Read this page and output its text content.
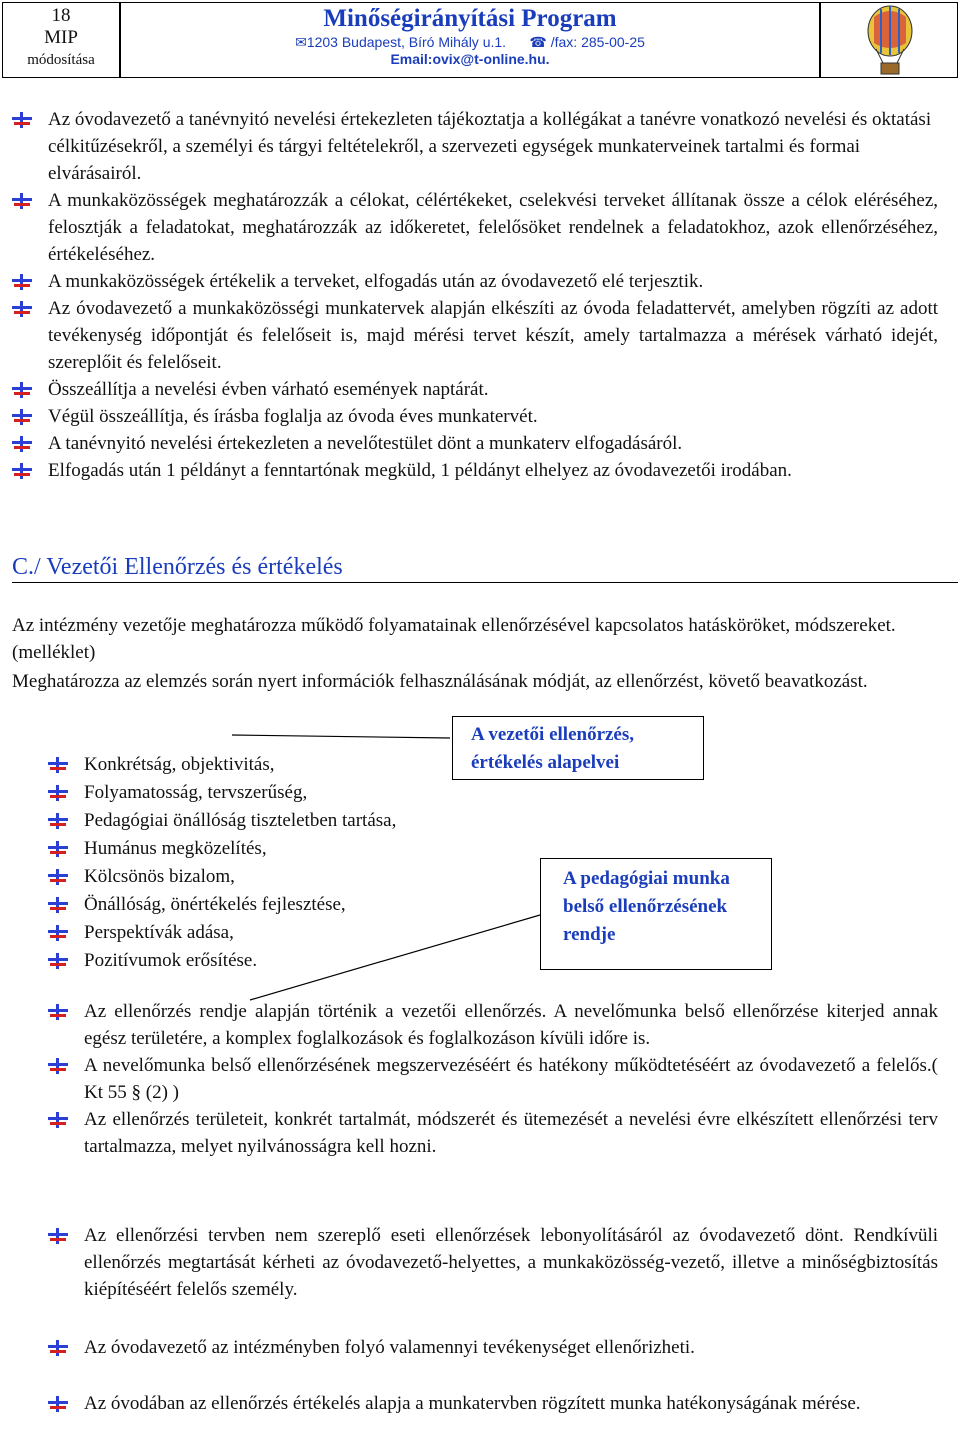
18
MIP
módosítása
Minőségirányítási Program
✉1203 Budapest, Bíró Mihály u.1. ☎ /fax: 285-00-25
Email:ovix@t-online.hu.
Az óvodavezető a tanévnyitó nevelési értekezleten tájékoztatja a kollégákat a tanévre vonatkozó nevelési és oktatási célkitűzésekről, a személyi és tárgyi feltételekről, a szervezeti egységek munkaterveinek tartalmi és formai elvárásairól.
A munkaközösségek meghatározzák a célokat, célértékeket, cselekvési terveket állítanak össze a célok eléréséhez, felosztják a feladatokat, meghatározzák az időkeretet, felelősöket rendelnek a feladatokhoz, azok ellenőrzéséhez, értékeléséhez.
A munkaközösségek értékelik a terveket, elfogadás után az óvodavezető elé terjesztik.
Az óvodavezető a munkaközösségi munkatervek alapján elkészíti az óvoda feladattervét, amelyben rögzíti az adott tevékenység időpontját és felelőseit is, majd mérési tervet készít, amely tartalmazza a mérések várható idejét, szereplőit és felelőseit.
Összeállítja a nevelési évben várható események naptárát.
Végül összeállítja, és írásba foglalja az óvoda éves munkatervét.
A tanévnyitó nevelési értekezleten a nevelőtestület dönt a munkaterv elfogadásáról.
Elfogadás után 1 példányt a fenntartónak megküld, 1 példányt elhelyez az óvodavezetői irodában.
C./ Vezetői Ellenőrzés és értékelés

Az intézmény vezetője meghatározza működő folyamatainak ellenőrzésével kapcsolatos hatásköröket, módszereket. (melléklet)

Meghatározza az elemzés során nyert információk felhasználásának módját, az ellenőrzést, követő beavatkozást.

A vezetői ellenőrzés,
értékelés alapelvei
A pedagógiai munka
belső ellenőrzésének
rendje
Konkrétság, objektivitás,
Folyamatosság, tervszerűség,
Pedagógiai önállóság tiszteletben tartása,
Humánus megközelítés,
Kölcsönös bizalom,
Önállóság, önértékelés fejlesztése,
Perspektívák adása,
Pozitívumok erősítése.
Az ellenőrzés rendje alapján történik a vezetői ellenőrzés. A nevelőmunka belső ellenőrzése kiterjed annak egész területére, a komplex foglalkozások és foglalkozáson kívüli időre is.
A nevelőmunka belső ellenőrzésének megszervezéséért és hatékony működtetéséért az óvodavezető a felelős.( Kt 55 § (2) )
Az ellenőrzés területeit, konkrét tartalmát, módszerét és ütemezését a nevelési évre elkészített ellenőrzési terv tartalmazza, melyet nyilvánosságra kell hozni.
Az ellenőrzési tervben nem szereplő eseti ellenőrzések lebonyolításáról az óvodavezető dönt. Rendkívüli ellenőrzés megtartását kérheti az óvodavezető-helyettes, a munkaközösség-vezető, illetve a minőségbiztosítás kiépítéséért felelős személy.
Az óvodavezető az intézményben folyó valamennyi tevékenységet ellenőrizheti.
Az óvodában az ellenőrzés értékelés alapja a munkatervben rögzített munka hatékonyságának mérése.
